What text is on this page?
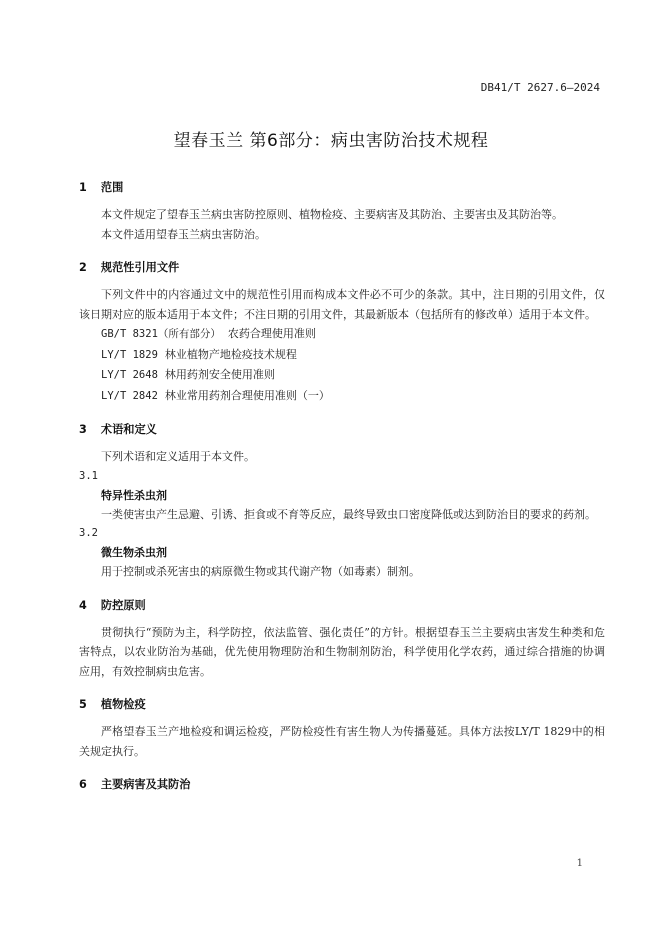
DB41/T 2627.6—2024
望春玉兰 第6部分：病虫害防治技术规程
1 范围

本文件规定了望春玉兰病虫害防控原则、植物检疫、主要病害及其防治、主要害虫及其防治等。

本文件适用望春玉兰病虫害防治。

2 规范性引用文件

下列文件中的内容通过文中的规范性引用而构成本文件必不可少的条款。其中，注日期的引用文件，仅该日期对应的版本适用于本文件；不注日期的引用文件，其最新版本（包括所有的修改单）适用于本文件。

GB/T 8321（所有部分） 农药合理使用准则
LY/T 1829 林业植物产地检疫技术规程
LY/T 2648 林用药剂安全使用准则
LY/T 2842 林业常用药剂合理使用准则（一）
3 术语和定义

下列术语和定义适用于本文件。

3.1
特异性杀虫剂

一类使害虫产生忌避、引诱、拒食或不育等反应，最终导致虫口密度降低或达到防治目的要求的药剂。

3.2
微生物杀虫剂

用于控制或杀死害虫的病原微生物或其代谢产物（如毒素）制剂。

4 防控原则

贯彻执行“预防为主，科学防控，依法监管、强化责任”的方针。根据望春玉兰主要病虫害发生种类和危害特点，以农业防治为基础，优先使用物理防治和生物制剂防治，科学使用化学农药，通过综合措施的协调应用，有效控制病虫危害。

5 植物检疫

严格望春玉兰产地检疫和调运检疫，严防检疫性有害生物人为传播蔓延。具体方法按LY/T 1829中的相关规定执行。

6 主要病害及其防治
1
